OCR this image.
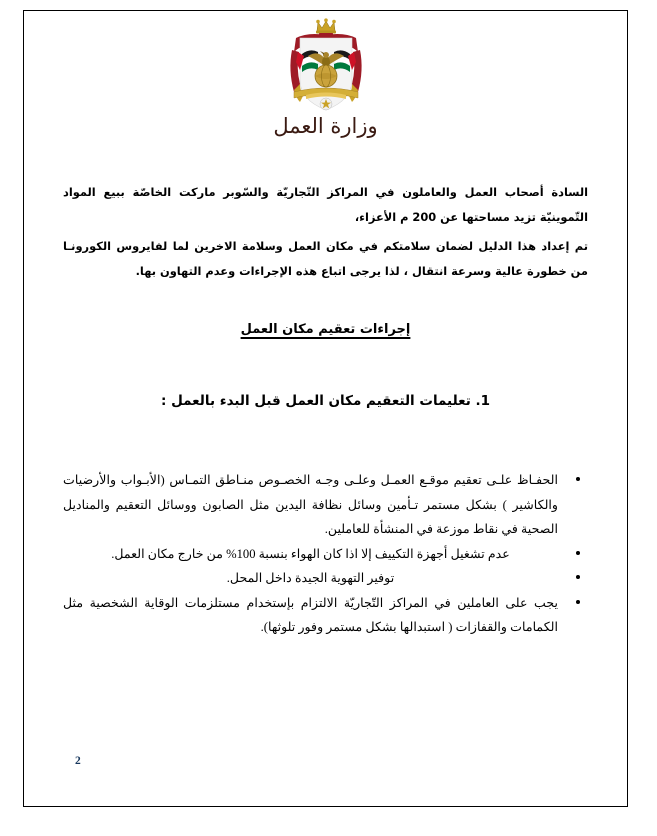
وزارة العمل
السادة أصحاب العمل والعاملون في المراكز التّجاريّة والسّوبر ماركت الخاصّة ببيع المواد التّموينيّة تزيد مساحتها عن 200 م الأعزاء،
تم إعداد هذا الدليل لضمان سلامتكم في مكان العمل وسلامة الاخرين لما لفايروس الكورونـا من خطورة عالية وسرعة انتقال ، لذا يرجى اتباع هذه الإجراءات وعدم التهاون بها.
إجراءات تعقيم مكان العمل
1. تعليمات التعقيم مكان العمل قبل البدء بالعمل :
الحفـاظ علـى تعقيم موقـع العمـل وعلـى وجـه الخصـوص منـاطق التمـاس (الأبـواب والأرضيات والكاشير ) بشكل مستمر تـأمين وسائل نظافة اليدين مثل الصابون ووسائل التعقيم والمناديل الصحية في نقاط موزعة في المنشأة للعاملين.
عدم تشغيل أجهزة التكييف إلا اذا كان الهواء بنسبة 100% من خارج مكان العمل.
توفير التهوية الجيدة داخل المحل.
يجب على العاملين في المراكز التّجاريّة الالتزام بإستخدام مستلزمات الوقاية الشخصية مثل الكمامات والقفازات ( استبدالها بشكل مستمر وفور تلوثها).
2
